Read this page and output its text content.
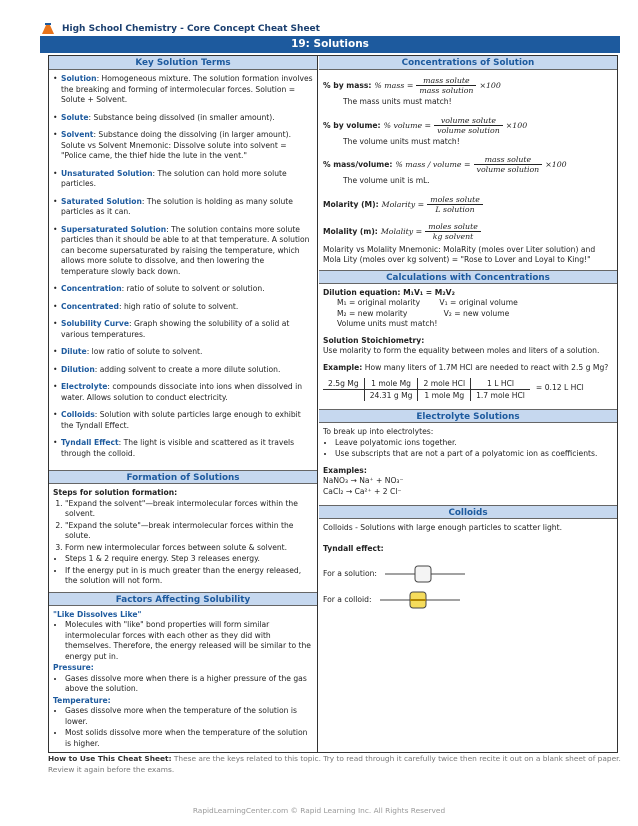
High School Chemistry - Core Concept Cheat Sheet
19: Solutions
Key Solution Terms
• Solution: Homogeneous mixture. The solution formation involves the breaking and forming of intermolecular forces. Solution = Solute + Solvent.
• Solute: Substance being dissolved (in smaller amount).
• Solvent: Substance doing the dissolving (in larger amount). Solute vs Solvent Mnemonic: Dissolve solute into solvent = "Police came, the thief hide the lute in the vent."
• Unsaturated Solution: The solution can hold more solute particles.
• Saturated Solution: The solution is holding as many solute particles as it can.
• Supersaturated Solution: The solution contains more solute particles than it should be able to at that temperature. A solution can become supersaturated by raising the temperature, which allows more solute to dissolve, and then lowering the temperature slowly back down.
• Concentration: ratio of solute to solvent or solution.
• Concentrated: high ratio of solute to solvent.
• Solubility Curve: Graph showing the solubility of a solid at various temperatures.
• Dilute: low ratio of solute to solvent.
• Dilution: adding solvent to create a more dilute solution.
• Electrolyte: compounds dissociate into ions when dissolved in water. Allows solution to conduct electricity.
• Colloids: Solution with solute particles large enough to exhibit the Tyndall Effect.
• Tyndall Effect: The light is visible and scattered as it travels through the colloid.
Formation of Solutions
Steps for solution formation:
1. "Expand the solvent"—break intermolecular forces within the solvent.
2. "Expand the solute"—break intermolecular forces within the solute.
3. Form new intermolecular forces between solute & solvent.
• Steps 1 & 2 require energy. Step 3 releases energy.
• If the energy put in is much greater than the energy released, the solution will not form.
Factors Affecting Solubility
"Like Dissolves Like"
• Molecules with "like" bond properties will form similar intermolecular forces with each other as they did with themselves. Therefore, the energy released will be similar to the energy put in.
Pressure:
• Gases dissolve more when there is a higher pressure of the gas above the solution.
Temperature:
• Gases dissolve more when the temperature of the solution is lower.
• Most solids dissolve more when the temperature of the solution is higher.
Concentrations of Solution
% by mass: % mass = $\frac{\text{mass solute}}{\text{mass solution}} \times 100$
The mass units must match!
% by volume: % volume = $\frac{\text{volume solute}}{\text{volume solution}} \times 100$
The volume units must match!
% mass/volume: % mass / volume = $\frac{\text{mass solute}}{\text{volume solution}} \times 100$
The volume unit is mL.
Molarity (M): Molarity = $\frac{\text{moles solute}}{\text{L solution}}$
Molality (m): Molality = $\frac{\text{moles solute}}{\text{kg solvent}}$
Molarity vs Molality Mnemonic: MolaRity (moles over Liter solution) and Mola Lity (moles over kg solvent) = "Rose to Lover and Loyal to King!"
Calculations with Concentrations
Dilution equation: M₁V₁ = M₂V₂
M₁ = original molarity        V₁ = original volume
M₂ = new molarity               V₂ = new volume
Volume units must match!
Solution Stoichiometry:
Use molarity to form the equality between moles and liters of a solution.
Example: How many liters of 1.7M HCl are needed to react with 2.5 g Mg?
2.5g Mg	1 mole Mg	2 mole HCl	1 L HCl
	24.31 g Mg	1 mole Mg	1.7 mole HCl
= 0.12 L HCl
Electrolyte Solutions
To break up into electrolytes:
• Leave polyatomic ions together.
• Use subscripts that are not a part of a polyatomic ion as coefficients.
Examples:
NaNO₃ → Na⁺ + NO₃⁻
CaCl₂ → Ca²⁺ + 2 Cl⁻
Colloids
Colloids - Solutions with large enough particles to scatter light.
Tyndall effect:
For a solution:
For a colloid:
How to Use This Cheat Sheet: These are the keys related to this topic. Try to read through it carefully twice then recite it out on a blank sheet of paper. Review it again before the exams.
RapidLearningCenter.com © Rapid Learning Inc. All Rights Reserved
